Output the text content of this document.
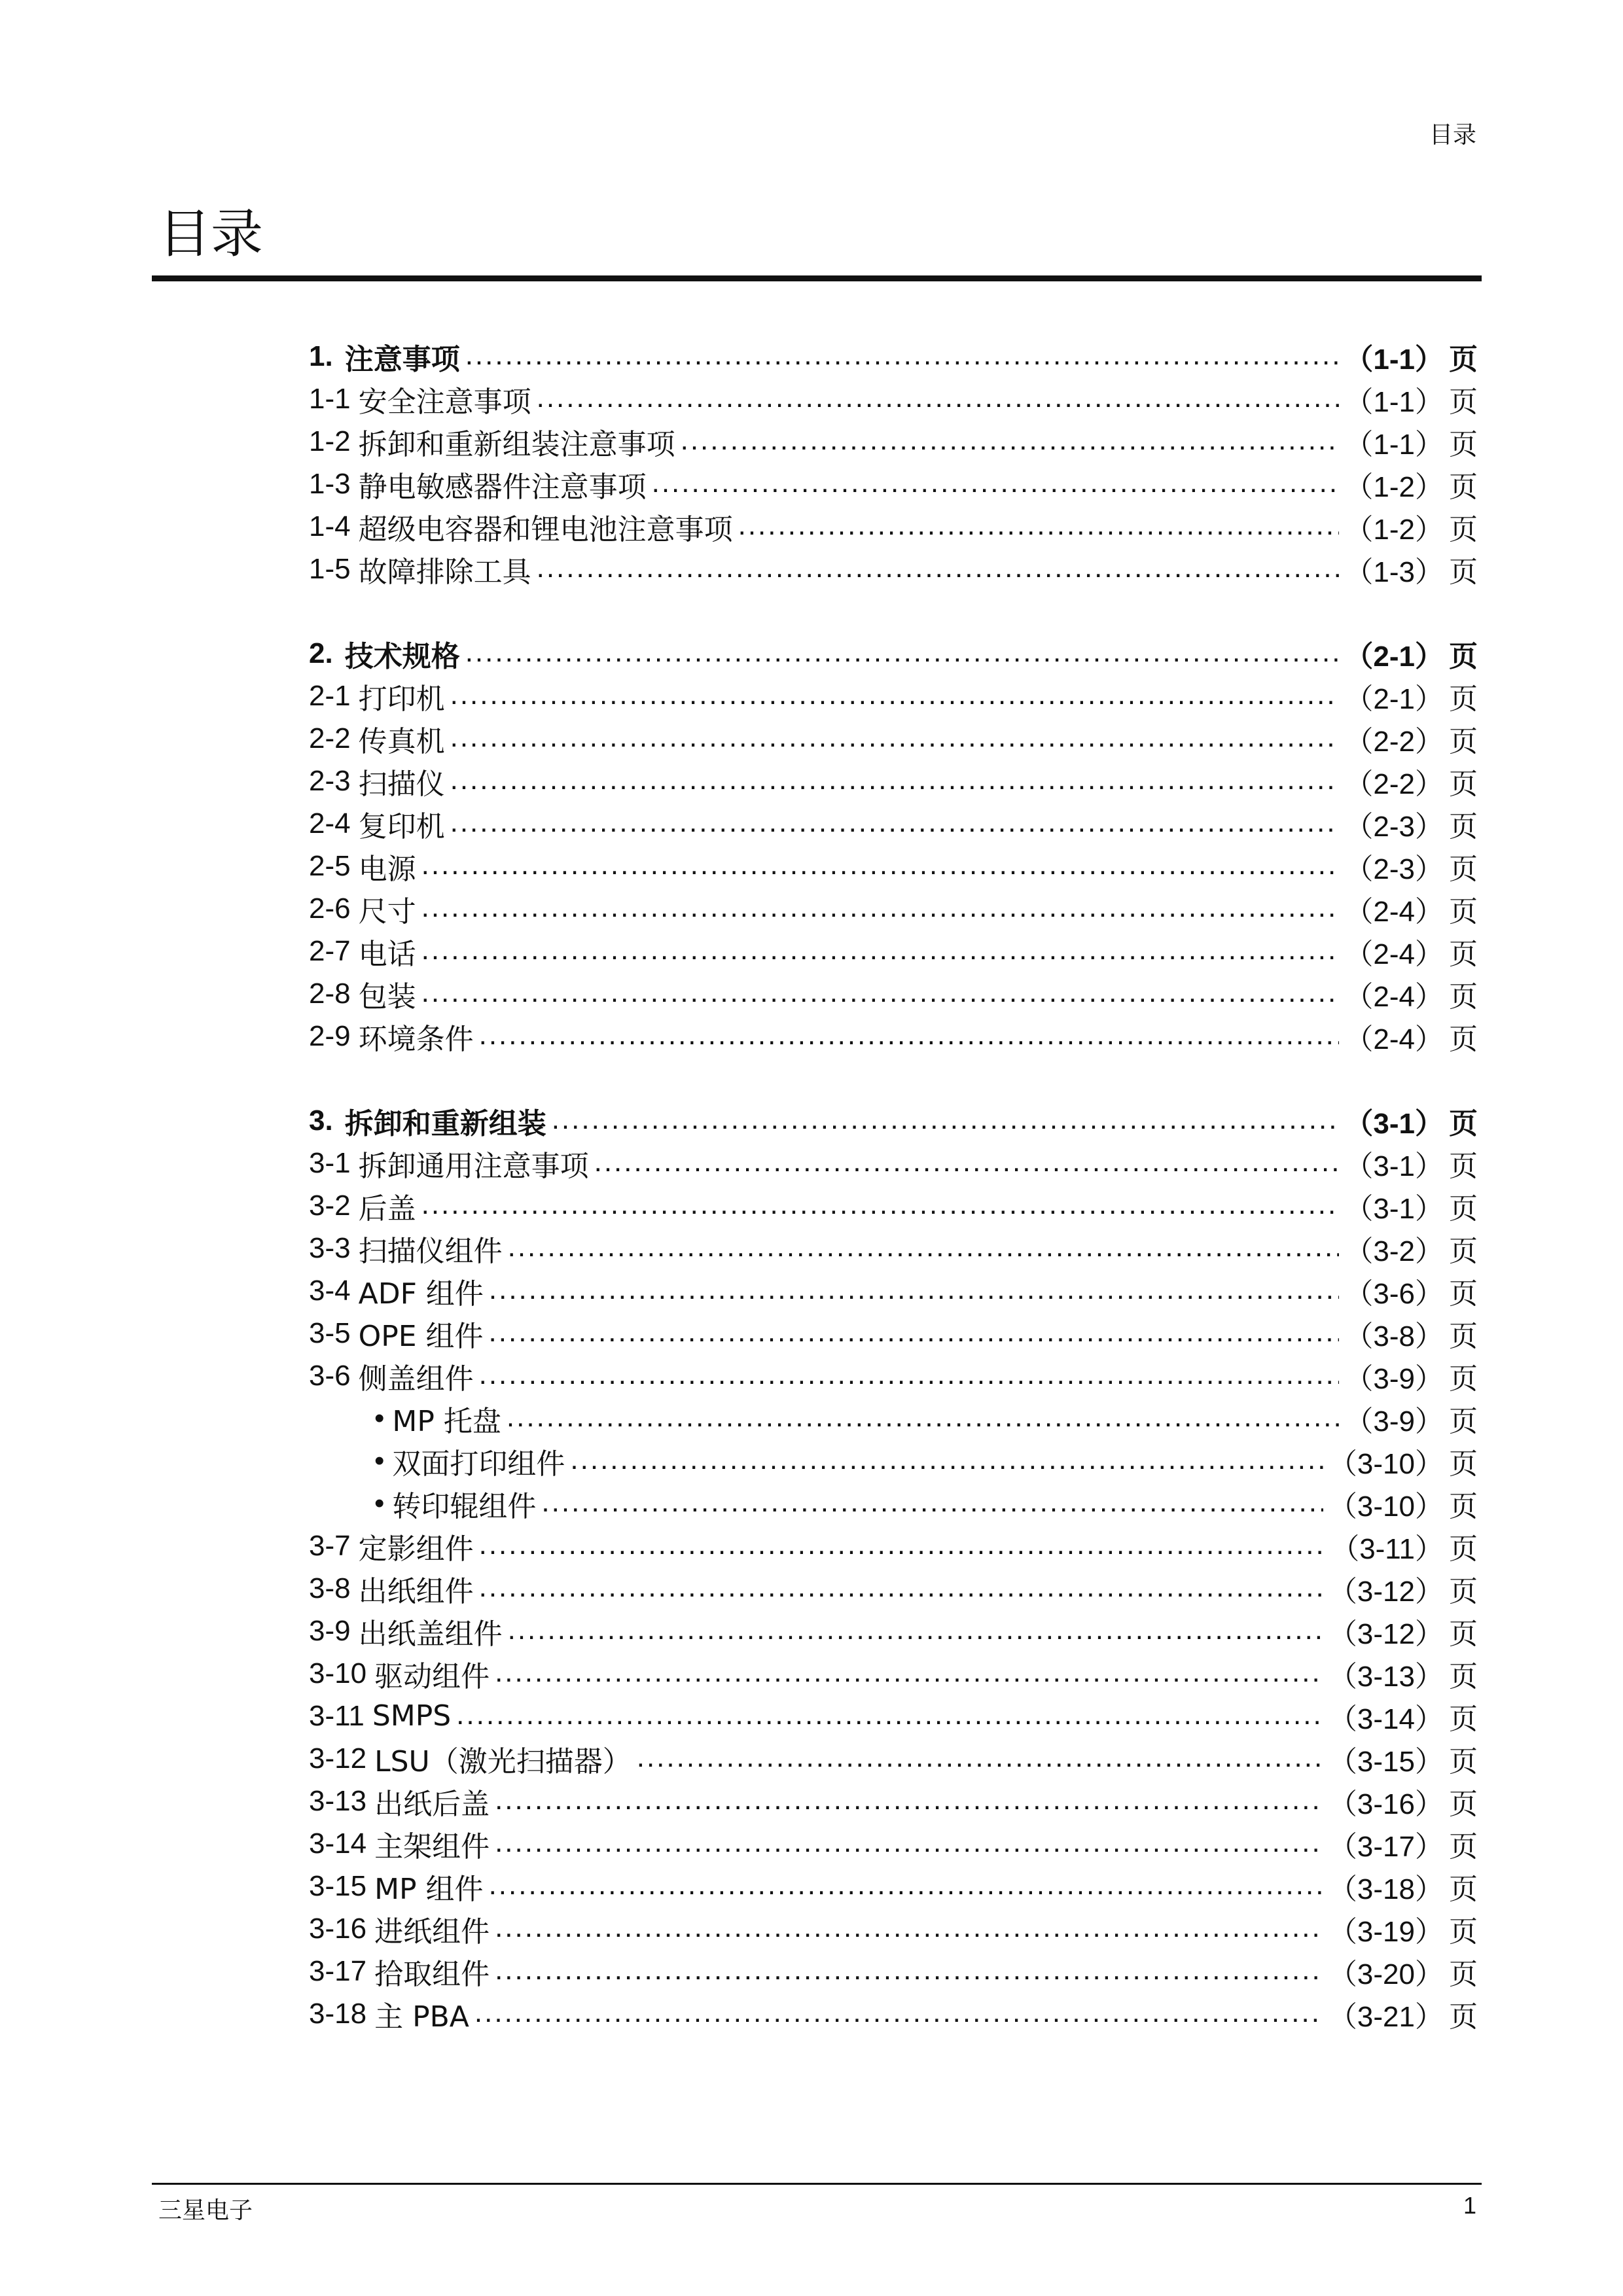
目录
目录
1. 注意事项 .....	（1-1） 页
1-1 安全注意事项 .....	（1-1） 页
1-2 拆卸和重新组装注意事项 .....	（1-1） 页
1-3 静电敏感器件注意事项 .....	（1-2） 页
1-4 超级电容器和锂电池注意事项 .....	（1-2） 页
1-5 故障排除工具 .....	（1-3） 页
2. 技术规格 .....	（2-1） 页
2-1 打印机 .....	（2-1） 页
2-2 传真机 .....	（2-2） 页
2-3 扫描仪 .....	（2-2） 页
2-4 复印机 .....	（2-3） 页
2-5 电源 .....	（2-3） 页
2-6 尺寸 .....	（2-4） 页
2-7 电话 .....	（2-4） 页
2-8 包装 .....	（2-4） 页
2-9 环境条件 .....	（2-4） 页
3. 拆卸和重新组装 .....	（3-1） 页
3-1 拆卸通用注意事项 .....	（3-1） 页
3-2 后盖 .....	（3-1） 页
3-3 扫描仪组件 .....	（3-2） 页
3-4 ADF 组件 .....	（3-6） 页
3-5 OPE 组件 .....	（3-8） 页
3-6 侧盖组件 .....	（3-9） 页
• MP 托盘 .....	（3-9） 页
• 双面打印组件 .....	（3-10） 页
• 转印辊组件 .....	（3-10） 页
3-7 定影组件 .....	（3-11） 页
3-8 出纸组件 .....	（3-12） 页
3-9 出纸盖组件 .....	（3-12） 页
3-10 驱动组件 .....	（3-13） 页
3-11 SMPS .....	（3-14） 页
3-12 LSU（激光扫描器） .....	（3-15） 页
3-13 出纸后盖 .....	（3-16） 页
3-14 主架组件 .....	（3-17） 页
3-15 MP 组件 .....	（3-18） 页
3-16 进纸组件 .....	（3-19） 页
3-17 拾取组件 .....	（3-20） 页
3-18 主 PBA .....	（3-21） 页
三星电子	1
